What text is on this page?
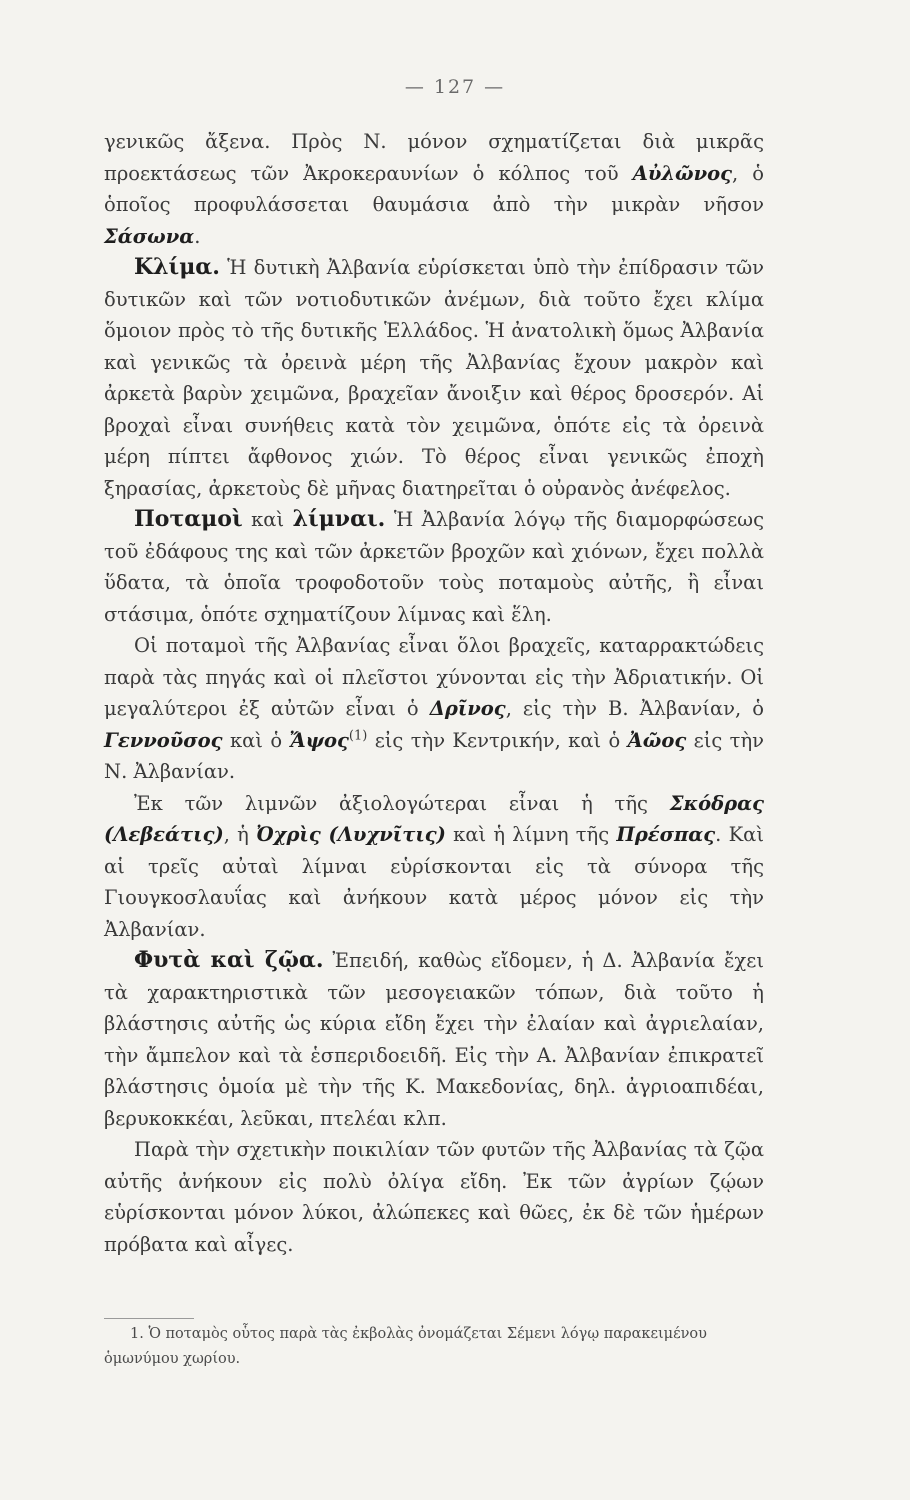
— 127 —

γενικῶς ἄξενα. Πρὸς Ν. μόνον σχηματίζεται διὰ μικρᾶς προεκτάσεως τῶν Ἀκροκεραυνίων ὁ κόλπος τοῦ Αὐλῶνος, ὁ ὁποῖος προφυλάσσεται θαυμάσια ἀπὸ τὴν μικρὰν νῆσον Σάσωνα.

Κλίμα. Ἡ δυτικὴ Ἀλβανία εὑρίσκεται ὑπὸ τὴν ἐπίδρασιν τῶν δυτικῶν καὶ τῶν νοτιοδυτικῶν ἀνέμων, διὰ τοῦτο ἔχει κλίμα ὅμοιον πρὸς τὸ τῆς δυτικῆς Ἑλλάδος. Ἡ ἀνατολικὴ ὅμως Ἀλβανία καὶ γενικῶς τὰ ὀρεινὰ μέρη τῆς Ἀλβανίας ἔχουν μακρὸν καὶ ἀρκετὰ βαρὺν χειμῶνα, βραχεῖαν ἄνοιξιν καὶ θέρος δροσερόν. Αἱ βροχαὶ εἶναι συνήθεις κατὰ τὸν χειμῶνα, ὁπότε εἰς τὰ ὀρεινὰ μέρη πίπτει ἄφθονος χιών. Τὸ θέρος εἶναι γενικῶς ἐποχὴ ξηρασίας, ἀρκετοὺς δὲ μῆνας διατηρεῖται ὁ οὐρανὸς ἀνέφελος.

Ποταμοὶ καὶ λίμναι. Ἡ Ἀλβανία λόγῳ τῆς διαμορφώσεως τοῦ ἐδάφους της καὶ τῶν ἀρκετῶν βροχῶν καὶ χιόνων, ἔχει πολλὰ ὕδατα, τὰ ὁποῖα τροφοδοτοῦν τοὺς ποταμοὺς αὐτῆς, ἢ εἶναι στάσιμα, ὁπότε σχηματίζουν λίμνας καὶ ἕλη.

Οἱ ποταμοὶ τῆς Ἀλβανίας εἶναι ὅλοι βραχεῖς, καταρρακτώδεις παρὰ τὰς πηγάς καὶ οἱ πλεῖστοι χύνονται εἰς τὴν Ἀδριατικήν. Οἱ μεγαλύτεροι ἐξ αὐτῶν εἶναι ὁ Δρῖνος, εἰς τὴν Β. Ἀλβανίαν, ὁ Γεννοῦσος καὶ ὁ Ἄψος$^{(1)}$ εἰς τὴν Κεντρικήν, καὶ ὁ Ἀῶος εἰς τὴν Ν. Ἀλβανίαν.

Ἐκ τῶν λιμνῶν ἀξιολογώτεραι εἶναι ἡ τῆς Σκόδρας (Λεβεάτις), ἡ Ὀχρὶς (Λυχνῖτις) καὶ ἡ λίμνη τῆς Πρέσπας. Καὶ αἱ τρεῖς αὐταὶ λίμναι εὑρίσκονται εἰς τὰ σύνορα τῆς Γιουγκοσλαυΐας καὶ ἀνήκουν κατὰ μέρος μόνον εἰς τὴν Ἀλβανίαν.

Φυτὰ καὶ ζῷα. Ἐπειδή, καθὼς εἴδομεν, ἡ Δ. Ἀλβανία ἔχει τὰ χαρακτηριστικὰ τῶν μεσογειακῶν τόπων, διὰ τοῦτο ἡ βλάστησις αὐτῆς ὡς κύρια εἴδη ἔχει τὴν ἐλαίαν καὶ ἀγριελαίαν, τὴν ἄμπελον καὶ τὰ ἑσπεριδοειδῆ. Εἰς τὴν Α. Ἀλβανίαν ἐπικρατεῖ βλάστησις ὁμοία μὲ τὴν τῆς Κ. Μακεδονίας, δηλ. ἀγριοαπιδέαι, βερυκοκκέαι, λεῦκαι, πτελέαι κλπ.

Παρὰ τὴν σχετικὴν ποικιλίαν τῶν φυτῶν τῆς Ἀλβανίας τὰ ζῷα αὐτῆς ἀνήκουν εἰς πολὺ ὀλίγα εἴδη. Ἐκ τῶν ἀγρίων ζῴων εὑρίσκονται μόνον λύκοι, ἀλώπεκες καὶ θῶες, ἐκ δὲ τῶν ἡμέρων πρόβατα καὶ αἶγες.

1. Ὁ ποταμὸς οὗτος παρὰ τὰς ἐκβολὰς ὀνομάζεται Σέμενι λόγῳ παρακειμένου ὁμωνύμου χωρίου.
